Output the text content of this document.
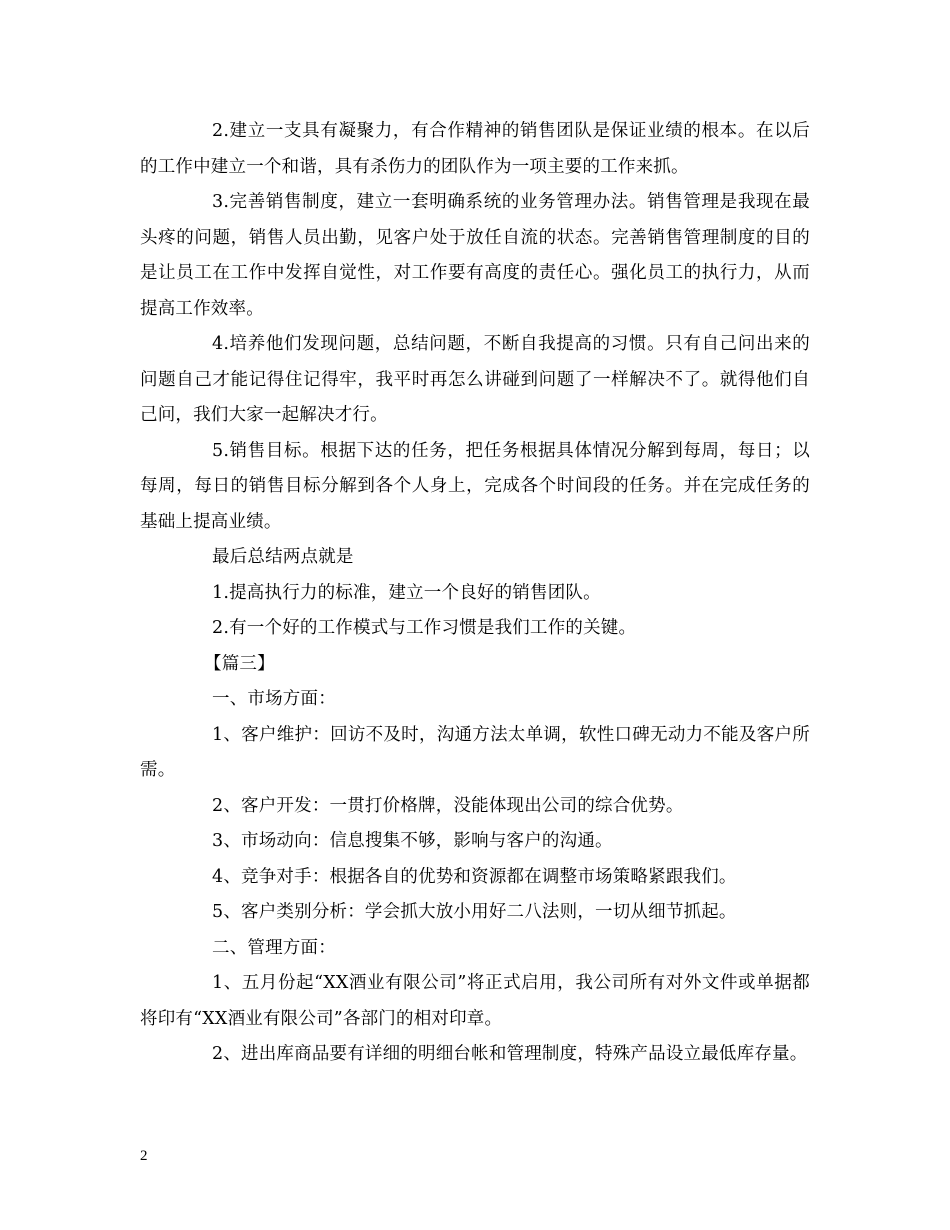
2.建立一支具有凝聚力，有合作精神的销售团队是保证业绩的根本。在以后的工作中建立一个和谐，具有杀伤力的团队作为一项主要的工作来抓。

3.完善销售制度，建立一套明确系统的业务管理办法。销售管理是我现在最头疼的问题，销售人员出勤，见客户处于放任自流的状态。完善销售管理制度的目的是让员工在工作中发挥自觉性，对工作要有高度的责任心。强化员工的执行力，从而提高工作效率。

4.培养他们发现问题，总结问题，不断自我提高的习惯。只有自己问出来的问题自己才能记得住记得牢，我平时再怎么讲碰到问题了一样解决不了。就得他们自己问，我们大家一起解决才行。

5.销售目标。根据下达的任务，把任务根据具体情况分解到每周，每日；以每周，每日的销售目标分解到各个人身上，完成各个时间段的任务。并在完成任务的基础上提高业绩。

最后总结两点就是

1.提高执行力的标准，建立一个良好的销售团队。

2.有一个好的工作模式与工作习惯是我们工作的关键。

【篇三】

一、市场方面：

1、客户维护：回访不及时，沟通方法太单调，软性口碑无动力不能及客户所需。

2、客户开发：一贯打价格牌，没能体现出公司的综合优势。

3、市场动向：信息搜集不够，影响与客户的沟通。

4、竞争对手：根据各自的优势和资源都在调整市场策略紧跟我们。

5、客户类别分析：学会抓大放小用好二八法则，一切从细节抓起。

二、管理方面：

1、五月份起“XX酒业有限公司”将正式启用，我公司所有对外文件或单据都将印有“XX酒业有限公司”各部门的相对印章。

2、进出库商品要有详细的明细台帐和管理制度，特殊产品设立最低库存量。

2
